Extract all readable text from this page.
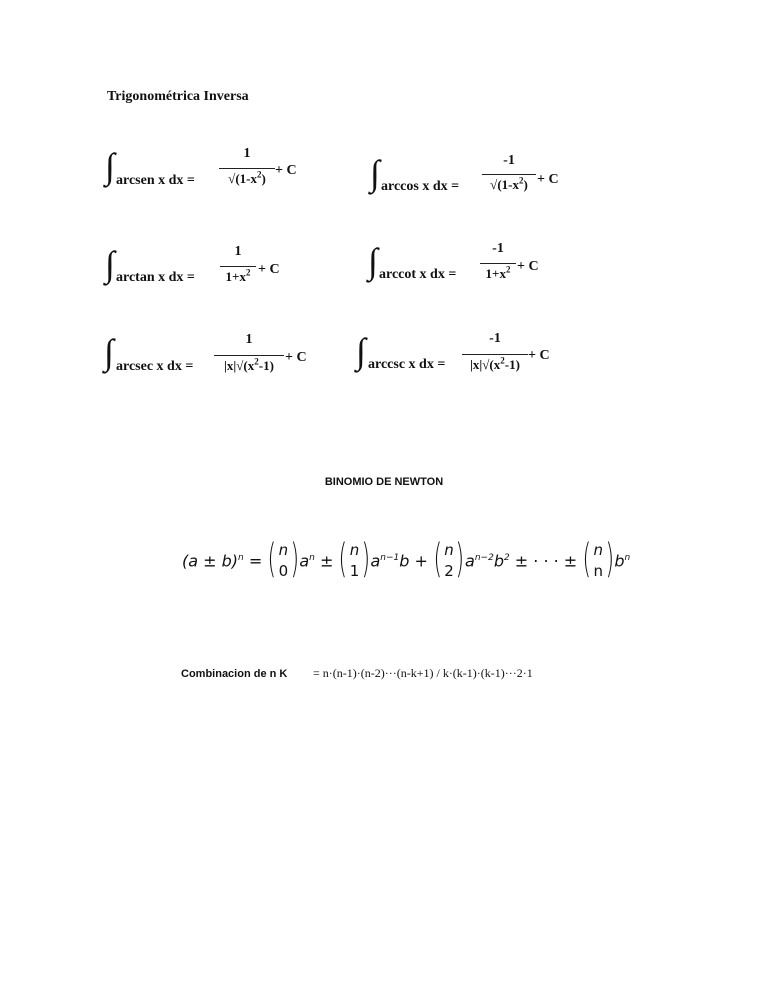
Trigonométrica Inversa
∫ arcsen x dx =
1
$√(1-x^2)$
+ C ∫ arccos x dx =
-1
$√(1-x^2) + C$
∫ arctan x dx =
1
$1+x^2 + C$ ∫ arccot x dx =
-1
$1+x^2 + C$
∫ arcsec x dx =
1
$|x|√(x^2-1)$
+ C ∫ arccsc x dx =
-1
$|x|√(x^2-1)$
+ C
BINOMIO DE NEWTON
$(a \pm b)^n$ = ( n
0 ) $a^n$ ± ( n
1 ) $a^{n-1}b$ + ( n
2 ) $a^{n-2}b^2$ ± · · · ± ( n
n ) $b^n$
Combinacion de n K = n·(n-1)·(n-2)···(n-k+1) / k·(k-1)·(k-1)···2·1
